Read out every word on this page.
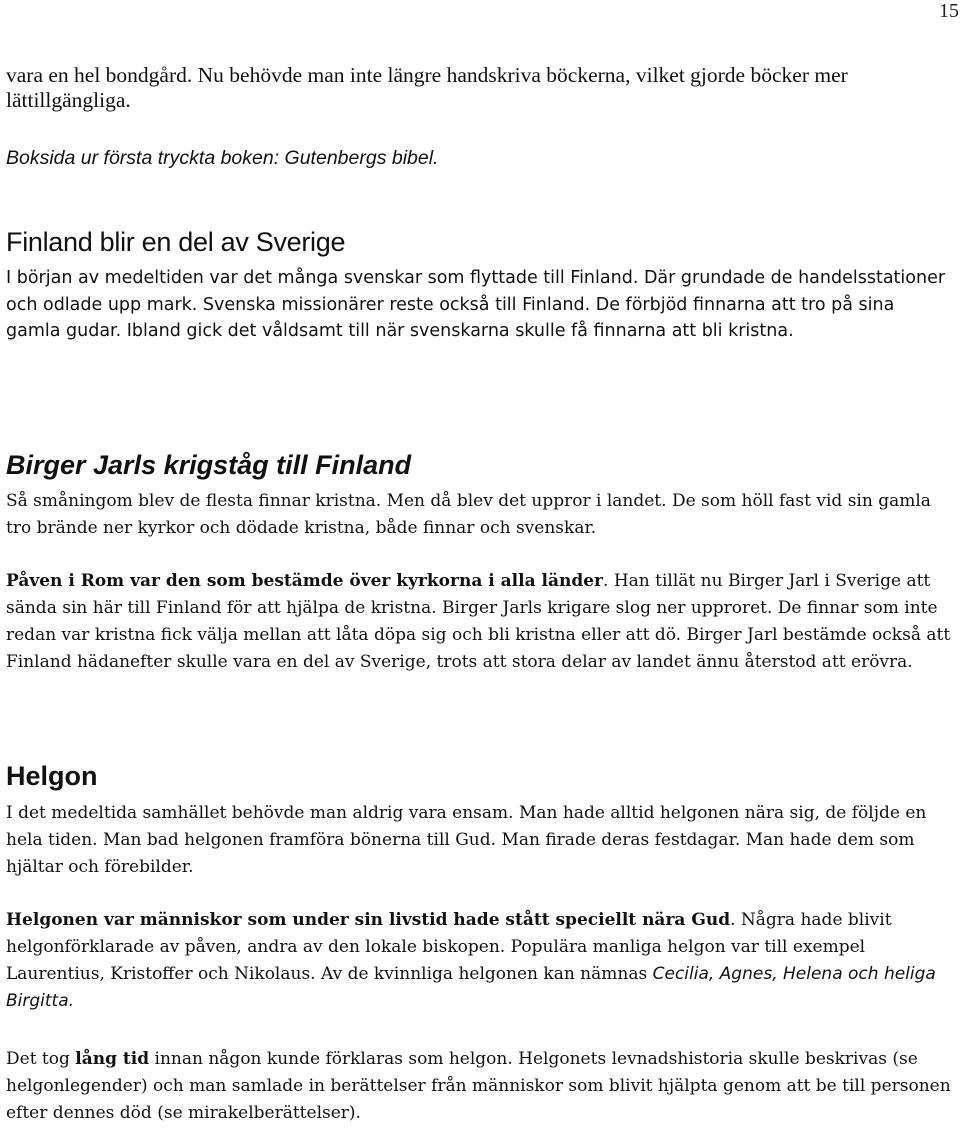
15
vara en hel bondgård. Nu behövde man inte längre handskriva böckerna, vilket gjorde böcker mer lättillgängliga.
Boksida ur första tryckta boken: Gutenbergs bibel.
Finland blir en del av Sverige
I början av medeltiden var det många svenskar som flyttade till Finland. Där grundade de handelsstationer och odlade upp mark. Svenska missionärer reste också till Finland. De förbjöd finnarna att tro på sina gamla gudar. Ibland gick det våldsamt till när svenskarna skulle få finnarna att bli kristna.
Birger Jarls krigståg till Finland
Så småningom blev de flesta finnar kristna. Men då blev det uppror i landet. De som höll fast vid sin gamla tro brände ner kyrkor och dödade kristna, både finnar och svenskar.
Påven i Rom var den som bestämde över kyrkorna i alla länder. Han tillät nu Birger Jarl i Sverige att sända sin här till Finland för att hjälpa de kristna. Birger Jarls krigare slog ner upproret. De finnar som inte redan var kristna fick välja mellan att låta döpa sig och bli kristna eller att dö. Birger Jarl bestämde också att Finland hädanefter skulle vara en del av Sverige, trots att stora delar av landet ännu återstod att erövra.
Helgon
I det medeltida samhället behövde man aldrig vara ensam. Man hade alltid helgonen nära sig, de följde en hela tiden. Man bad helgonen framföra bönerna till Gud. Man firade deras festdagar. Man hade dem som hjältar och förebilder.
Helgonen var människor som under sin livstid hade stått speciellt nära Gud. Några hade blivit helgonförklarade av påven, andra av den lokale biskopen. Populära manliga helgon var till exempel Laurentius, Kristoffer och Nikolaus. Av de kvinnliga helgonen kan nämnas Cecilia, Agnes, Helena och heliga Birgitta.
Det tog lång tid innan någon kunde förklaras som helgon. Helgonets levnadshistoria skulle beskrivas (se helgonlegender) och man samlade in berättelser från människor som blivit hjälpta genom att be till personen efter dennes död (se mirakelberättelser).
